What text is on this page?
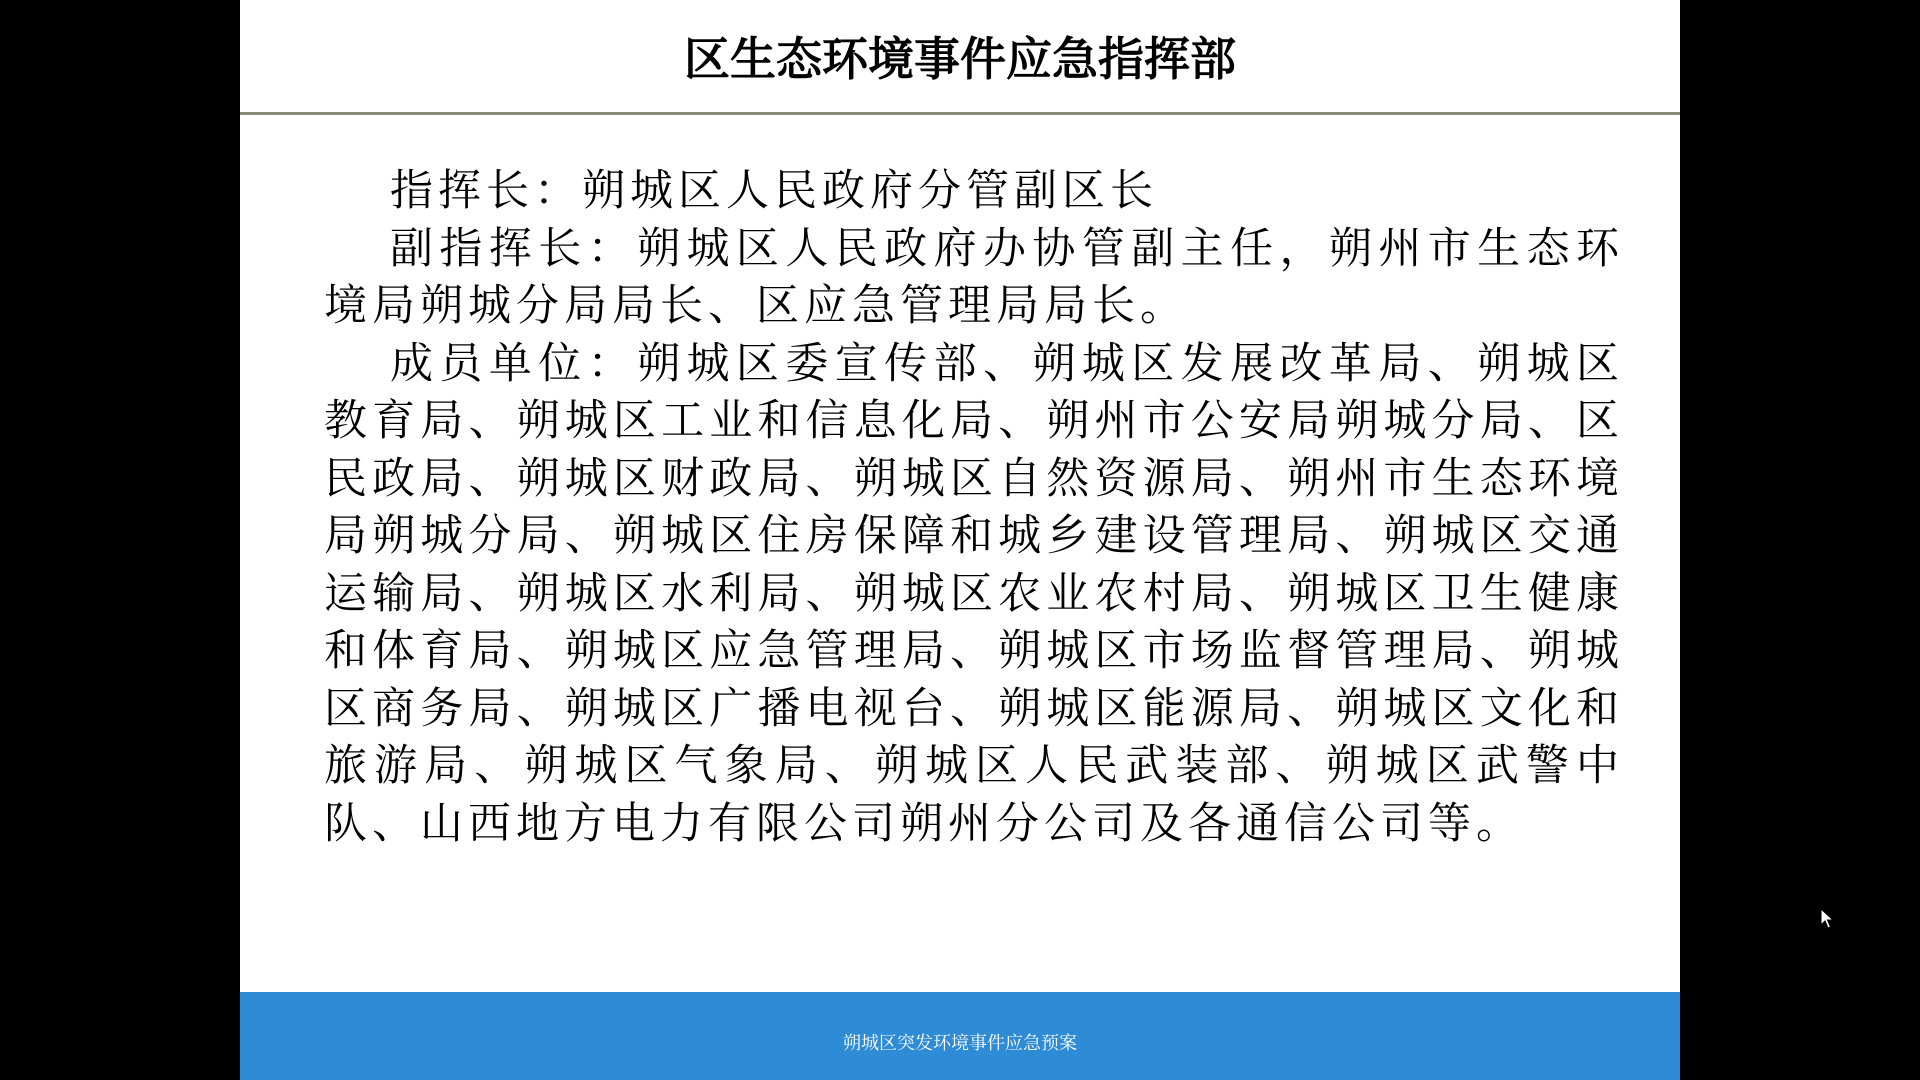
区生态环境事件应急指挥部

指挥长：朔城区人民政府分管副区长

副指挥长：朔城区人民政府办协管副主任，朔州市生态环境局朔城分局局长、区应急管理局局长。

成员单位：朔城区委宣传部、朔城区发展改革局、朔城区教育局、朔城区工业和信息化局、朔州市公安局朔城分局、区民政局、朔城区财政局、朔城区自然资源局、朔州市生态环境局朔城分局、朔城区住房保障和城乡建设管理局、朔城区交通运输局、朔城区水利局、朔城区农业农村局、朔城区卫生健康和体育局、朔城区应急管理局、朔城区市场监督管理局、朔城区商务局、朔城区广播电视台、朔城区能源局、朔城区文化和旅游局、朔城区气象局、朔城区人民武装部、朔城区武警中队、山西地方电力有限公司朔州分公司及各通信公司等。

朔城区突发环境事件应急预案
